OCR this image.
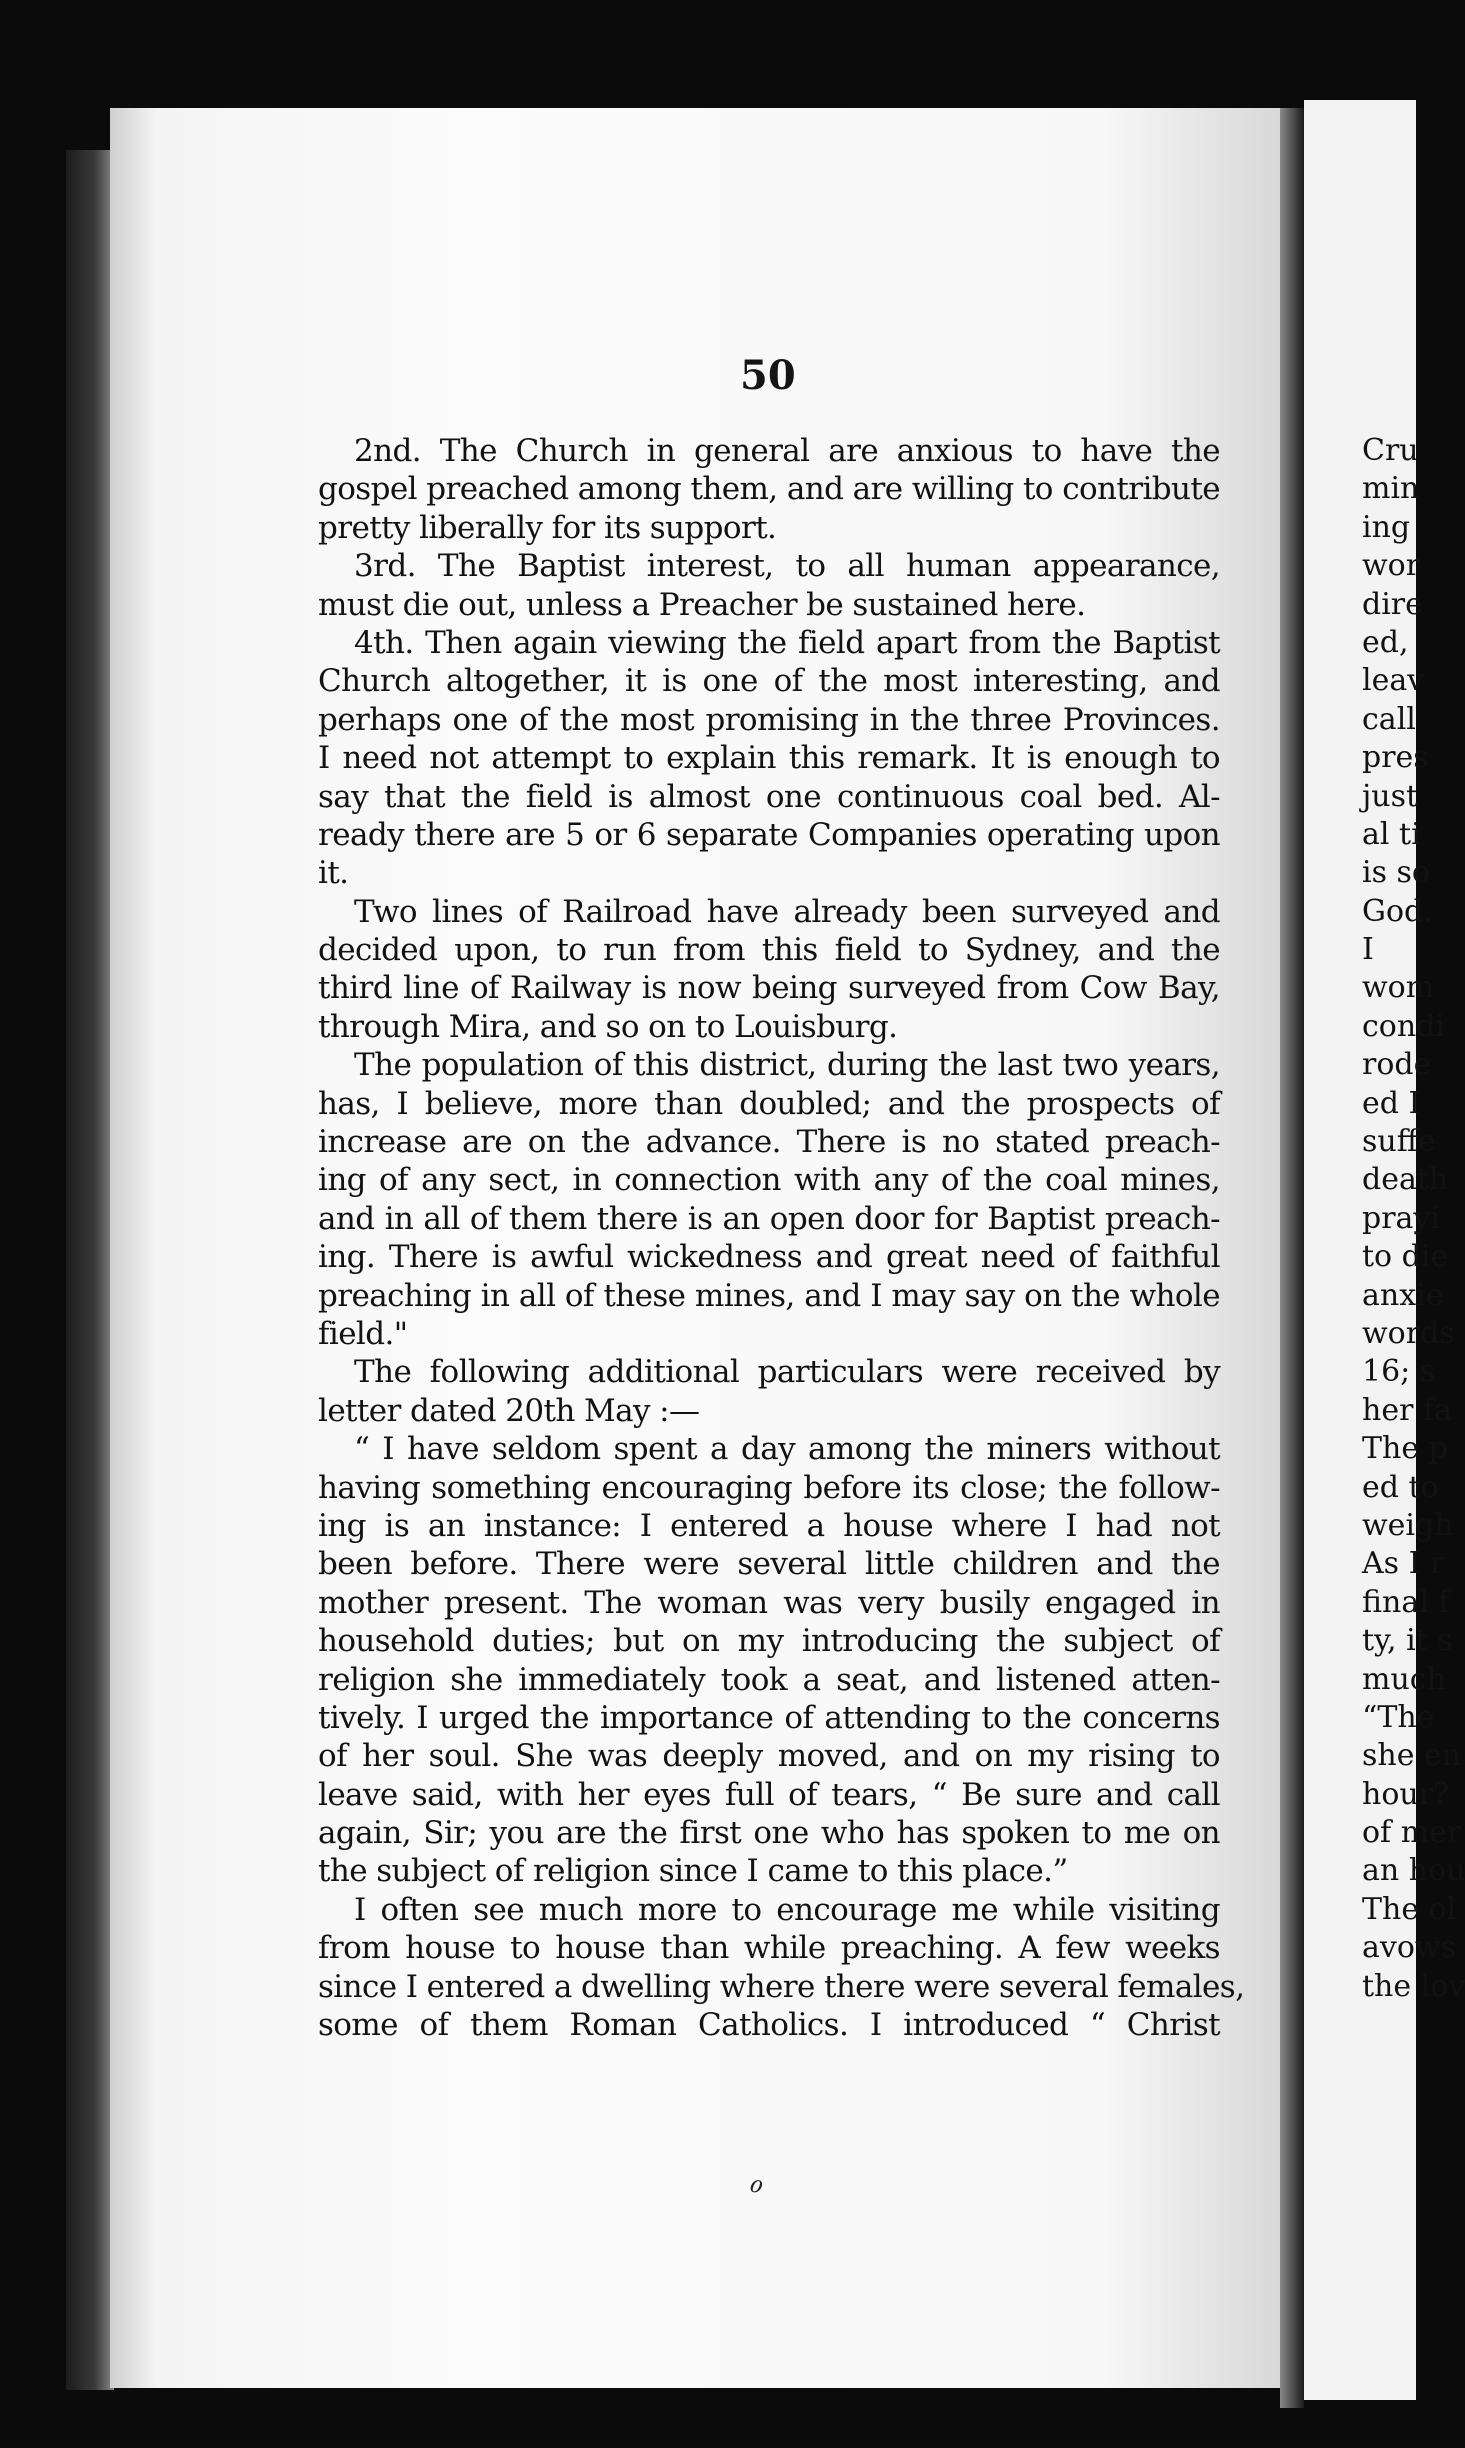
50
2nd. The Church in general are anxious to have the
gospel preached among them, and are willing to contribute
pretty liberally for its support.
3rd. The Baptist interest, to all human appearance,
must die out, unless a Preacher be sustained here.
4th. Then again viewing the field apart from the Baptist
Church altogether, it is one of the most interesting, and
perhaps one of the most promising in the three Provinces.
I need not attempt to explain this remark. It is enough to
say that the field is almost one continuous coal bed. Al-
ready there are 5 or 6 separate Companies operating upon
it.
Two lines of Railroad have already been surveyed and
decided upon, to run from this field to Sydney, and the
third line of Railway is now being surveyed from Cow Bay,
through Mira, and so on to Louisburg.
The population of this district, during the last two years,
has, I believe, more than doubled; and the prospects of
increase are on the advance. There is no stated preach-
ing of any sect, in connection with any of the coal mines,
and in all of them there is an open door for Baptist preach-
ing. There is awful wickedness and great need of faithful
preaching in all of these mines, and I may say on the whole
field."
The following additional particulars were received by
letter dated 20th May :—
“ I have seldom spent a day among the miners without
having something encouraging before its close; the follow-
ing is an instance: I entered a house where I had not
been before. There were several little children and the
mother present. The woman was very busily engaged in
household duties; but on my introducing the subject of
religion she immediately took a seat, and listened atten-
tively. I urged the importance of attending to the concerns
of her soul. She was deeply moved, and on my rising to
leave said, with her eyes full of tears, “ Be sure and call
again, Sir; you are the first one who has spoken to me on
the subject of religion since I came to this place.”
I often see much more to encourage me while visiting
from house to house than while preaching. A few weeks
since I entered a dwelling where there were several females,
some of them Roman Catholics. I introduced “ Christ
Cru
min
ing
wor
dire
ed,
leav
call
pres
just
al ti
is so
God.
I
wom
condi
rode
ed I
suffe
death
prayi
to die
anxie
words
16; s
her fa
The p
ed to
weigh
As I r
final f
ty, it s
much
“The
she en
hour?
of mer
an hou
The ol
avows
the lov
ℴ
